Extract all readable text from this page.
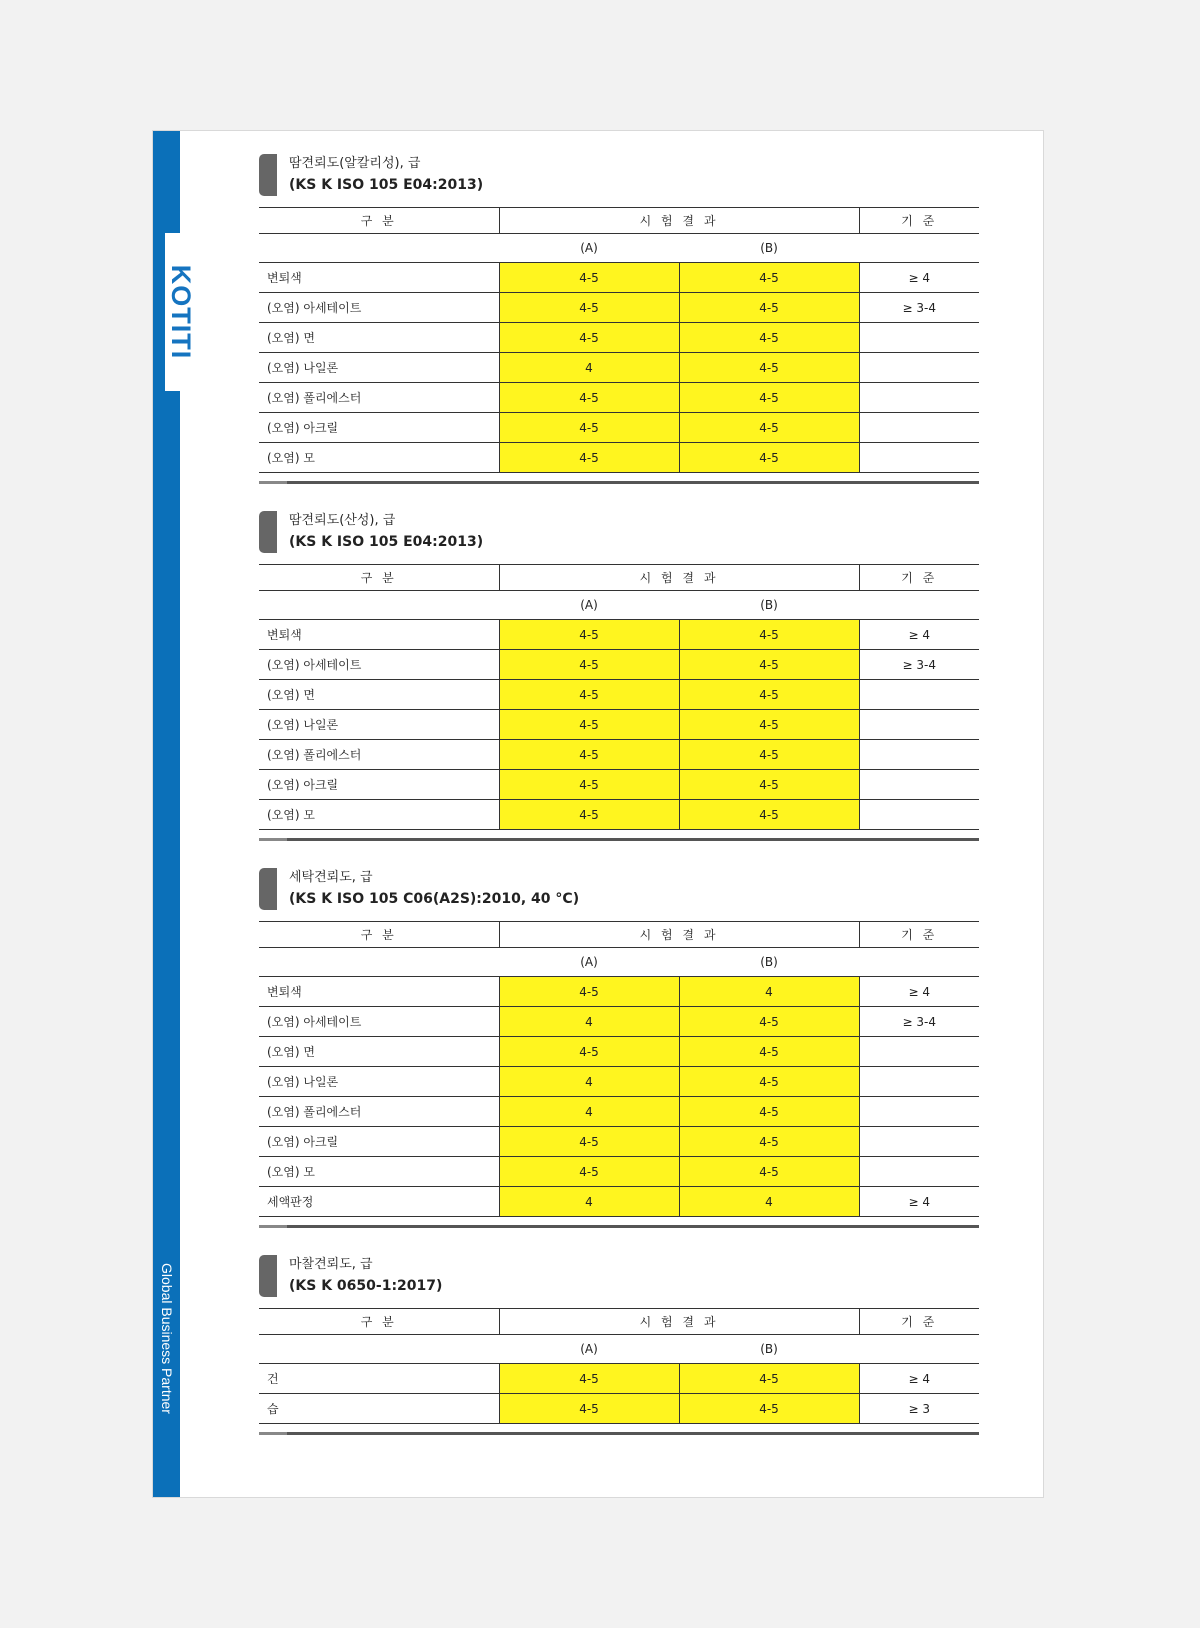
KOTITI
Global Business Partner
땀견뢰도(알칼리성), 급
(KS K ISO 105 E04:2013)
구 분	시 험 결 과		기 준
	(A)	(B)	
변퇴색	4-5	4-5	≥ 4
(오염) 아세테이트	4-5	4-5	≥ 3-4
(오염) 면	4-5	4-5	
(오염) 나일론	4	4-5	
(오염) 폴리에스터	4-5	4-5	
(오염) 아크릴	4-5	4-5	
(오염) 모	4-5	4-5	
땀견뢰도(산성), 급
(KS K ISO 105 E04:2013)
구 분	시 험 결 과		기 준
	(A)	(B)	
변퇴색	4-5	4-5	≥ 4
(오염) 아세테이트	4-5	4-5	≥ 3-4
(오염) 면	4-5	4-5	
(오염) 나일론	4-5	4-5	
(오염) 폴리에스터	4-5	4-5	
(오염) 아크릴	4-5	4-5	
(오염) 모	4-5	4-5	
세탁견뢰도, 급
(KS K ISO 105 C06(A2S):2010, 40 °C)
구 분	시 험 결 과		기 준
	(A)	(B)	
변퇴색	4-5	4	≥ 4
(오염) 아세테이트	4	4-5	≥ 3-4
(오염) 면	4-5	4-5	
(오염) 나일론	4	4-5	
(오염) 폴리에스터	4	4-5	
(오염) 아크릴	4-5	4-5	
(오염) 모	4-5	4-5	
세액판정	4	4	≥ 4
마찰견뢰도, 급
(KS K 0650-1:2017)
구 분	시 험 결 과		기 준
	(A)	(B)	
건	4-5	4-5	≥ 4
습	4-5	4-5	≥ 3
